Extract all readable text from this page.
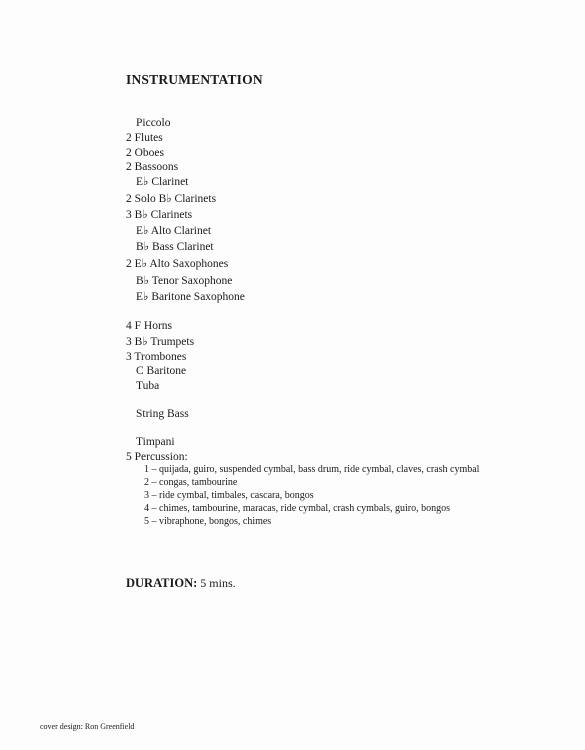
INSTRUMENTATION
Piccolo
2 Flutes
2 Oboes
2 Bassoons
E♭ Clarinet
2 Solo B♭ Clarinets
3 B♭ Clarinets
E♭ Alto Clarinet
B♭ Bass Clarinet
2 E♭ Alto Saxophones
B♭ Tenor Saxophone
E♭ Baritone Saxophone
4 F Horns
3 B♭ Trumpets
3 Trombones
C Baritone
Tuba
String Bass
Timpani
5 Percussion:
1 – quijada, guiro, suspended cymbal, bass drum, ride cymbal, claves, crash cymbal
2 – congas, tambourine
3 – ride cymbal, timbales, cascara, bongos
4 – chimes, tambourine, maracas, ride cymbal, crash cymbals, guiro, bongos
5 – vibraphone, bongos, chimes
DURATION: 5 mins.
cover design: Ron Greenfield
